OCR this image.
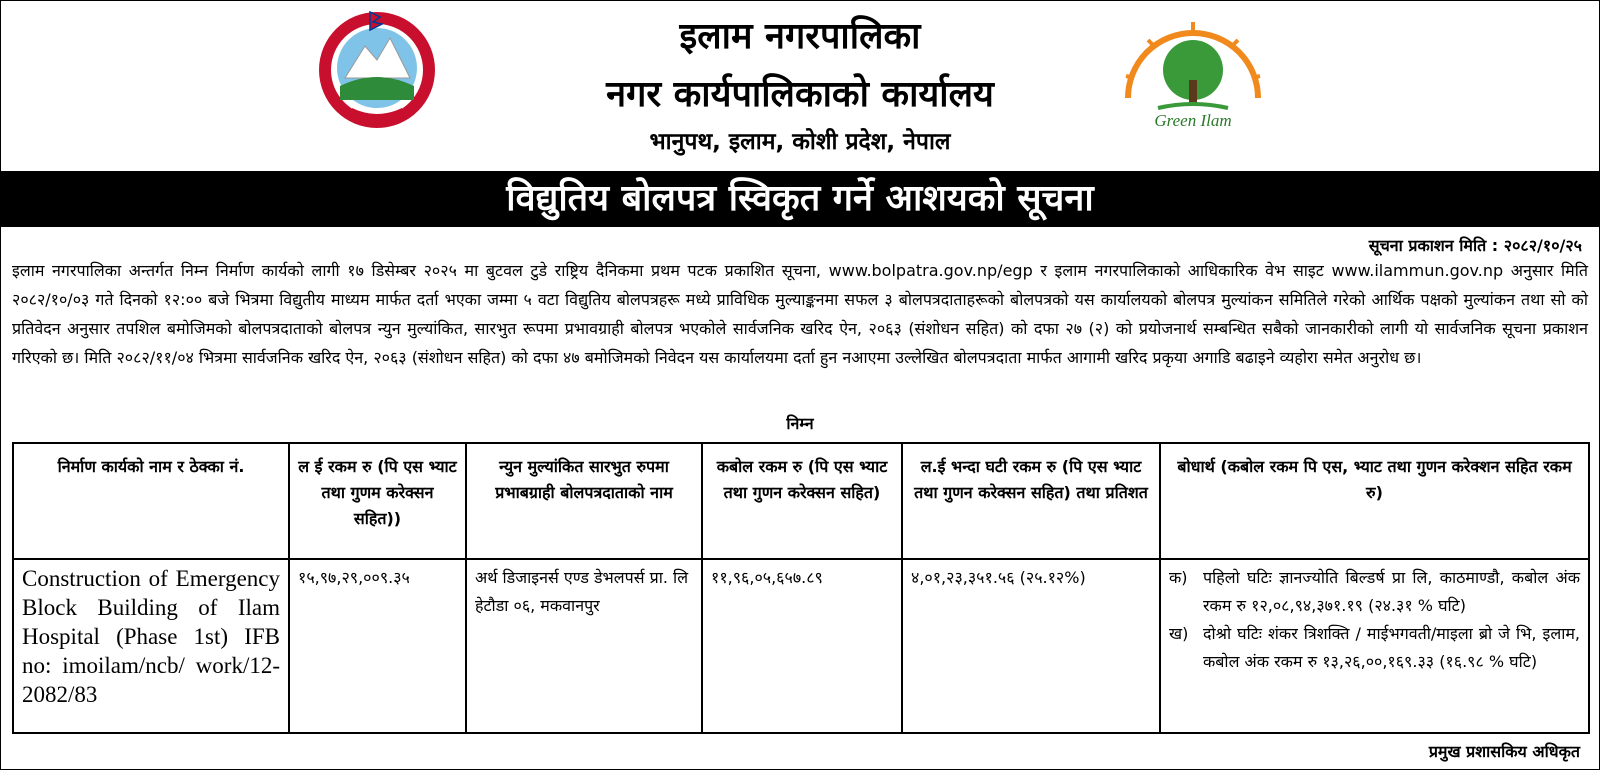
इलाम नगरपालिका
नगर कार्यपालिकाको कार्यालय
भानुपथ, इलाम, कोशी प्रदेश, नेपाल
Green Ilam
विद्युतिय बोलपत्र स्विकृत गर्ने आशयको सूचना
सूचना प्रकाशन मिति : २०८२/१०/२५
इलाम नगरपालिका अन्तर्गत निम्न निर्माण कार्यको लागी १७ डिसेम्बर २०२५ मा बुटवल टुडे राष्ट्रिय दैनिकमा प्रथम पटक प्रकाशित सूचना, www.bolpatra.gov.np/egp र इलाम नगरपालिकाको आधिकारिक वेभ साइट www.ilammun.gov.np अनुसार मिति २०८२/१०/०३ गते दिनको १२:०० बजे भित्रमा विद्युतीय माध्यम मार्फत दर्ता भएका जम्मा ५ वटा विद्युतिय बोलपत्रहरू मध्ये प्राविधिक मुल्याङ्कनमा सफल ३ बोलपत्रदाताहरूको बोलपत्रको यस कार्यालयको बोलपत्र मुल्यांकन समितिले गरेको आर्थिक पक्षको मुल्यांकन तथा सो को प्रतिवेदन अनुसार तपशिल बमोजिमको बोलपत्रदाताको बोलपत्र न्युन मुल्यांकित, सारभुत रूपमा प्रभावग्राही बोलपत्र भएकोले सार्वजनिक खरिद ऐन, २०६३ (संशोधन सहित) को दफा २७ (२) को प्रयोजनार्थ सम्बन्धित सबैको जानकारीको लागी यो सार्वजनिक सूचना प्रकाशन गरिएको छ। मिति २०८२/११/०४ भित्रमा सार्वजनिक खरिद ऐन, २०६३ (संशोधन सहित) को दफा ४७ बमोजिमको निवेदन यस कार्यालयमा दर्ता हुन नआएमा उल्लेखित बोलपत्रदाता मार्फत आगामी खरिद प्रकृया अगाडि बढाइने व्यहोरा समेत अनुरोध छ।
निम्न
निर्माण कार्यको नाम र ठेक्का नं.	ल ई रकम रु (पि एस भ्याट तथा गुणम करेक्सन सहित))	न्युन मुल्यांकित सारभुत रुपमा प्रभाबग्राही बोलपत्रदाताको नाम	कबोल रकम रु (पि एस भ्याट तथा गुणन करेक्सन सहित)	ल.ई भन्दा घटी रकम रु (पि एस भ्याट तथा गुणन करेक्सन सहित) तथा प्रतिशत	बोधार्थ (कबोल रकम पि एस, भ्याट तथा गुणन करेक्शन सहित रकम रु)
Construction of Emergency Block Building of Ilam Hospital (Phase 1st) IFB no: imoilam/ncb/ work/12-2082/83	१५,९७,२९,००९.३५	अर्थ डिजाइनर्स एण्ड डेभलपर्स प्रा. लि हेटौडा ०६, मकवानपुर	११,९६,०५,६५७.८९	४,०१,२३,३५१.५६ (२५.१२%)	क) पहिलो घटिः ज्ञानज्योति बिल्डर्ष प्रा लि, काठमाण्डौ, कबोल अंक रकम रु १२,०८,९४,३७१.१९ (२४.३१ % घटि)
ख) दोश्रो घटिः शंकर त्रिशक्ति / माईभगवती/माइला ब्रो जे भि, इलाम, कबोल अंक रकम रु १३,२६,००,१६९.३३ (१६.९८ % घटि)
प्रमुख प्रशासकिय अधिकृत
